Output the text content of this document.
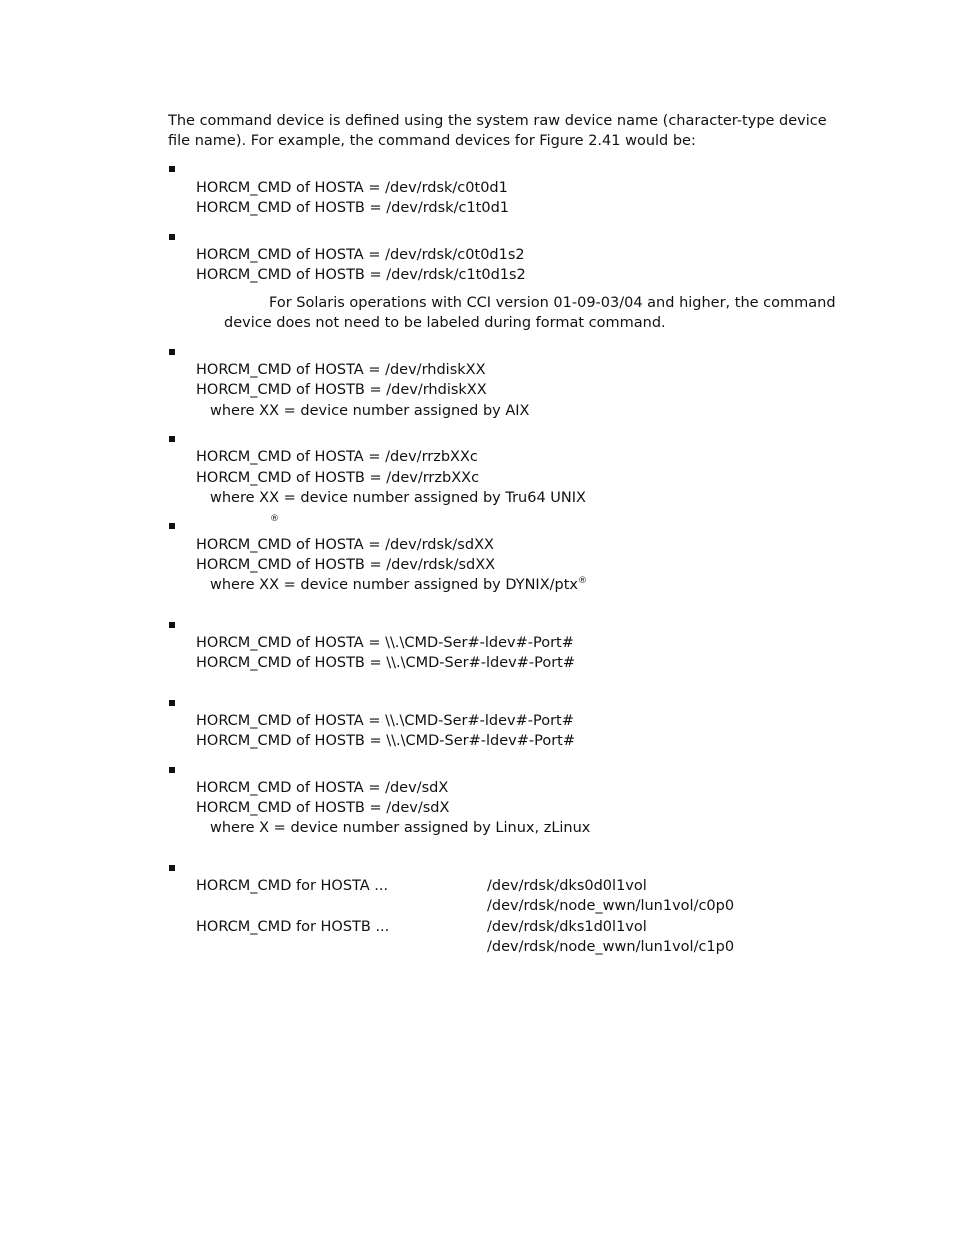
The command device is defined using the system raw device name (character-type device
file name). For example, the command devices for Figure 2.41 would be:
HORCM_CMD of HOSTA = /dev/rdsk/c0t0d1
HORCM_CMD of HOSTB = /dev/rdsk/c1t0d1
HORCM_CMD of HOSTA = /dev/rdsk/c0t0d1s2
HORCM_CMD of HOSTB = /dev/rdsk/c1t0d1s2
For Solaris operations with CCI version 01-09-03/04 and higher, the command
device does not need to be labeled during format command.
HORCM_CMD of HOSTA = /dev/rhdiskXX
HORCM_CMD of HOSTB = /dev/rhdiskXX
where XX = device number assigned by AIX
HORCM_CMD of HOSTA = /dev/rrzbXXc
HORCM_CMD of HOSTB = /dev/rrzbXXc
where XX = device number assigned by Tru64 UNIX
®
HORCM_CMD of HOSTA = /dev/rdsk/sdXX
HORCM_CMD of HOSTB = /dev/rdsk/sdXX
where XX = device number assigned by DYNIX/ptx®
HORCM_CMD of HOSTA = \\.\CMD-Ser#-ldev#-Port#
HORCM_CMD of HOSTB = \\.\CMD-Ser#-ldev#-Port#
HORCM_CMD of HOSTA = \\.\CMD-Ser#-ldev#-Port#
HORCM_CMD of HOSTB = \\.\CMD-Ser#-ldev#-Port#
HORCM_CMD of HOSTA = /dev/sdX
HORCM_CMD of HOSTB = /dev/sdX
where X = device number assigned by Linux, zLinux
HORCM_CMD for HOSTA ...	/dev/rdsk/dks0d0l1vol
/dev/rdsk/node_wwn/lun1vol/c0p0
HORCM_CMD for HOSTB ...	/dev/rdsk/dks1d0l1vol
/dev/rdsk/node_wwn/lun1vol/c1p0
